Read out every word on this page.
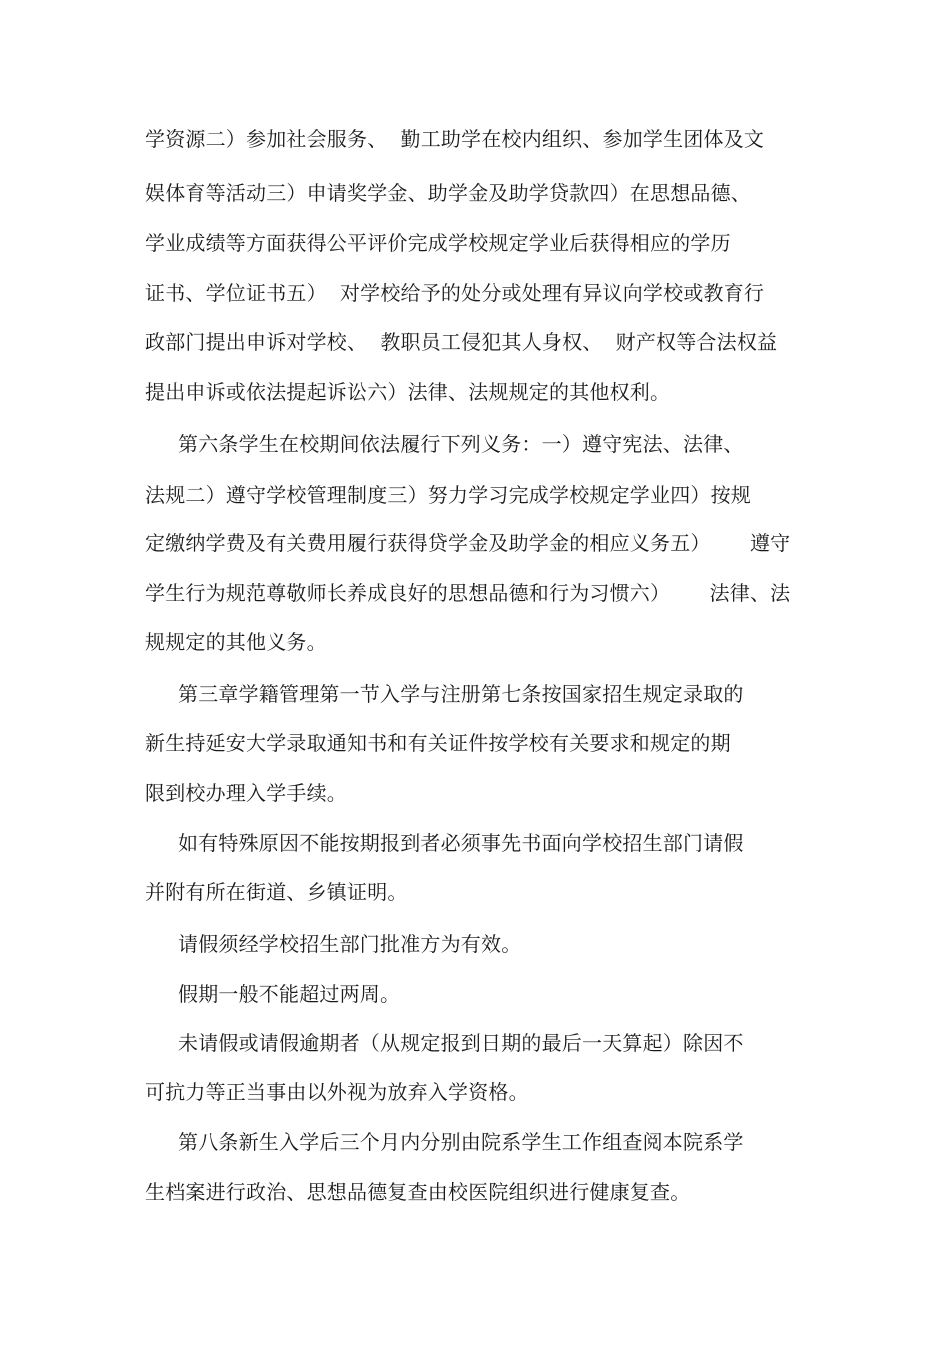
学资源二）参加社会服务、  勤工助学在校内组织、参加学生团体及文
娱体育等活动三）申请奖学金、助学金及助学贷款四）在思想品德、
学业成绩等方面获得公平评价完成学校规定学业后获得相应的学历
证书、学位证书五）  对学校给予的处分或处理有异议向学校或教育行
政部门提出申诉对学校、  教职员工侵犯其人身权、  财产权等合法权益
提出申诉或依法提起诉讼六）法律、法规规定的其他权利。
第六条学生在校期间依法履行下列义务：一）遵守宪法、法律、
法规二）遵守学校管理制度三）努力学习完成学校规定学业四）按规
定缴纳学费及有关费用履行获得贷学金及助学金的相应义务五）      遵守
学生行为规范尊敬师长养成良好的思想品德和行为习惯六）      法律、法
规规定的其他义务。
第三章学籍管理第一节入学与注册第七条按国家招生规定录取的
新生持延安大学录取通知书和有关证件按学校有关要求和规定的期
限到校办理入学手续。
如有特殊原因不能按期报到者必须事先书面向学校招生部门请假
并附有所在街道、乡镇证明。
请假须经学校招生部门批准方为有效。
假期一般不能超过两周。
未请假或请假逾期者（从规定报到日期的最后一天算起）除因不
可抗力等正当事由以外视为放弃入学资格。
第八条新生入学后三个月内分别由院系学生工作组查阅本院系学
生档案进行政治、思想品德复查由校医院组织进行健康复查。
